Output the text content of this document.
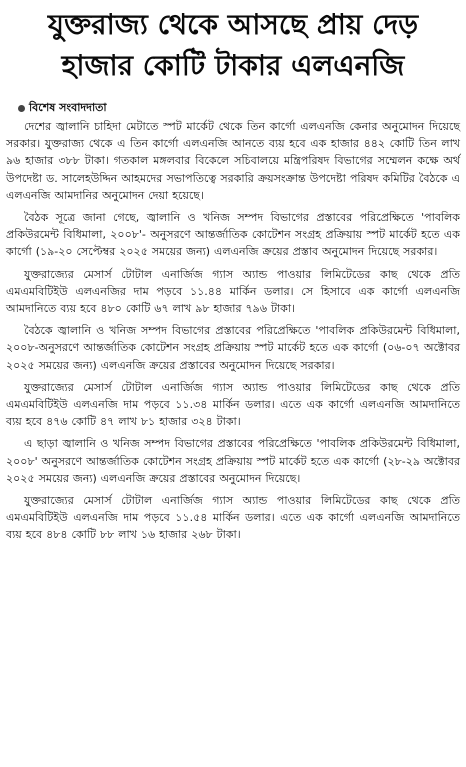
যুক্তরাজ্য থেকে আসছে প্রায় দেড়
হাজার কোটি টাকার এলএনজি
বিশেষ সংবাদদাতা

দেশের জ্বালানি চাহিদা মেটাতে স্পট মার্কেট থেকে তিন কার্গো এলএনজি কেনার অনুমোদন দিয়েছে সরকার। যুক্তরাজ্য থেকে এ তিন কার্গো এলএনজি আনতে ব্যয় হবে এক হাজার ৪৪২ কোটি তিন লাখ ৯৬ হাজার ৩৮৮ টাকা। গতকাল মঙ্গলবার বিকেলে সচিবালয়ে মন্ত্রিপরিষদ বিভাগের সম্মেলন কক্ষে অর্থ উপদেষ্টা ড. সালেহউদ্দিন আহমদের সভাপতিত্বে সরকারি ক্রয়সংক্রান্ত উপদেষ্টা পরিষদ কমিটির বৈঠকে এ এলএনজি আমদানির অনুমোদন দেয়া হয়েছে।

বৈঠক সূত্রে জানা গেছে, জ্বালানি ও খনিজ সম্পদ বিভাগের প্রস্তাবের পরিপ্রেক্ষিতে 'পাবলিক প্রকিউরমেন্ট বিধিমালা, ২০০৮'- অনুসরণে আন্তর্জাতিক কোটেশন সংগ্রহ প্রক্রিয়ায় স্পট মার্কেট হতে এক কার্গো (১৯-২০ সেপ্টেম্বর ২০২৫ সময়ের জন্য) এলএনজি ক্রয়ের প্রস্তাব অনুমোদন দিয়েছে সরকার।

যুক্তরাজ্যের মেসার্স টোটাল এনার্জিজ গ্যাস অ্যান্ড পাওয়ার লিমিটেডের কাছ থেকে প্রতি এমএমবিটিইউ এলএনজির দাম পড়বে ১১.৪৪ মার্কিন ডলার। সে হিসাবে এক কার্গো এলএনজি আমদানিতে ব্যয় হবে ৪৮০ কোটি ৬৭ লাখ ৯৮ হাজার ৭৯৬ টাকা।

বৈঠকে জ্বালানি ও খনিজ সম্পদ বিভাগের প্রস্তাবের পরিপ্রেক্ষিতে 'পাবলিক প্রকিউরমেন্ট বিধিমালা, ২০০৮-অনুসরণে আন্তর্জাতিক কোটেশন সংগ্রহ প্রক্রিয়ায় স্পট মার্কেট হতে এক কার্গো (০৬-০৭ অক্টোবর ২০২৫ সময়ের জন্য) এলএনজি ক্রয়ের প্রস্তাবের অনুমোদন দিয়েছে সরকার।

যুক্তরাজ্যের মেসার্স টোটাল এনার্জিজ গ্যাস অ্যান্ড পাওয়ার লিমিটেডের কাছ থেকে প্রতি এমএমবিটিইউ এলএনজি দাম পড়বে ১১.৩৪ মার্কিন ডলার। এতে এক কার্গো এলএনজি আমদানিতে ব্যয় হবে ৪৭৬ কোটি ৪৭ লাখ ৮১ হাজার ৩২৪ টাকা।

এ ছাড়া জ্বালানি ও খনিজ সম্পদ বিভাগের প্রস্তাবের পরিপ্রেক্ষিতে 'পাবলিক প্রকিউরমেন্ট বিধিমালা, ২০০৮' অনুসরণে আন্তর্জাতিক কোটেশন সংগ্রহ প্রক্রিয়ায় স্পট মার্কেট হতে এক কার্গো (২৮-২৯ অক্টোবর ২০২৫ সময়ের জন্য) এলএনজি ক্রয়ের প্রস্তাবের অনুমোদন দিয়েছে।

যুক্তরাজ্যের মেসার্স টোটাল এনার্জিজ গ্যাস অ্যান্ড পাওয়ার লিমিটেডের কাছ থেকে প্রতি এমএমবিটিইউ এলএনজি দাম পড়বে ১১.৫৪ মার্কিন ডলার। এতে এক কার্গো এলএনজি আমদানিতে ব্যয় হবে ৪৮৪ কোটি ৮৮ লাখ ১৬ হাজার ২৬৮ টাকা।
